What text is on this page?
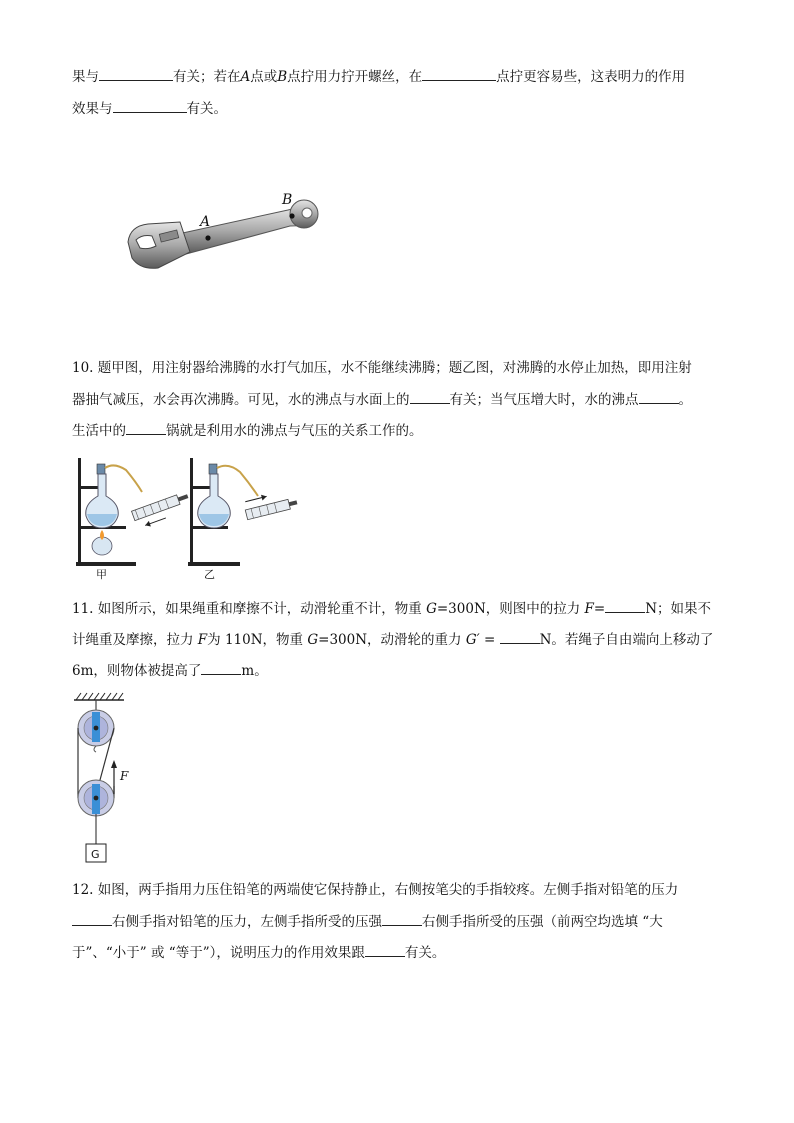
果与	有关；若在A点或B点拧用力拧开螺丝，在	点拧更容易些，这表明力的作用
效果与	有关。
A
B
10. 题甲图，用注射器给沸腾的水打气加压，水不能继续沸腾；题乙图，对沸腾的水停止加热，即用注射
器抽气减压，水会再次沸腾。可见，水的沸点与水面上的	有关；当气压增大时，水的沸点	。
生活中的	锅就是利用水的沸点与气压的关系工作的。
甲	乙
11. 如图所示，如果绳重和摩擦不计，动滑轮重不计，物重 G=300N，则图中的拉力 F=	N；如果不
计绳重及摩擦，拉力 F为 110N，物重 G=300N，动滑轮的重力 G′ =	N。若绳子自由端向上移动了
6m，则物体被提高了	m。
F
G
12. 如图，两手指用力压住铅笔的两端使它保持静止，右侧按笔尖的手指较疼。左侧手指对铅笔的压力
右侧手指对铅笔的压力，左侧手指所受的压强	右侧手指所受的压强（前两空均选填 “大
于”、“小于” 或 “等于”），说明压力的作用效果跟	有关。
